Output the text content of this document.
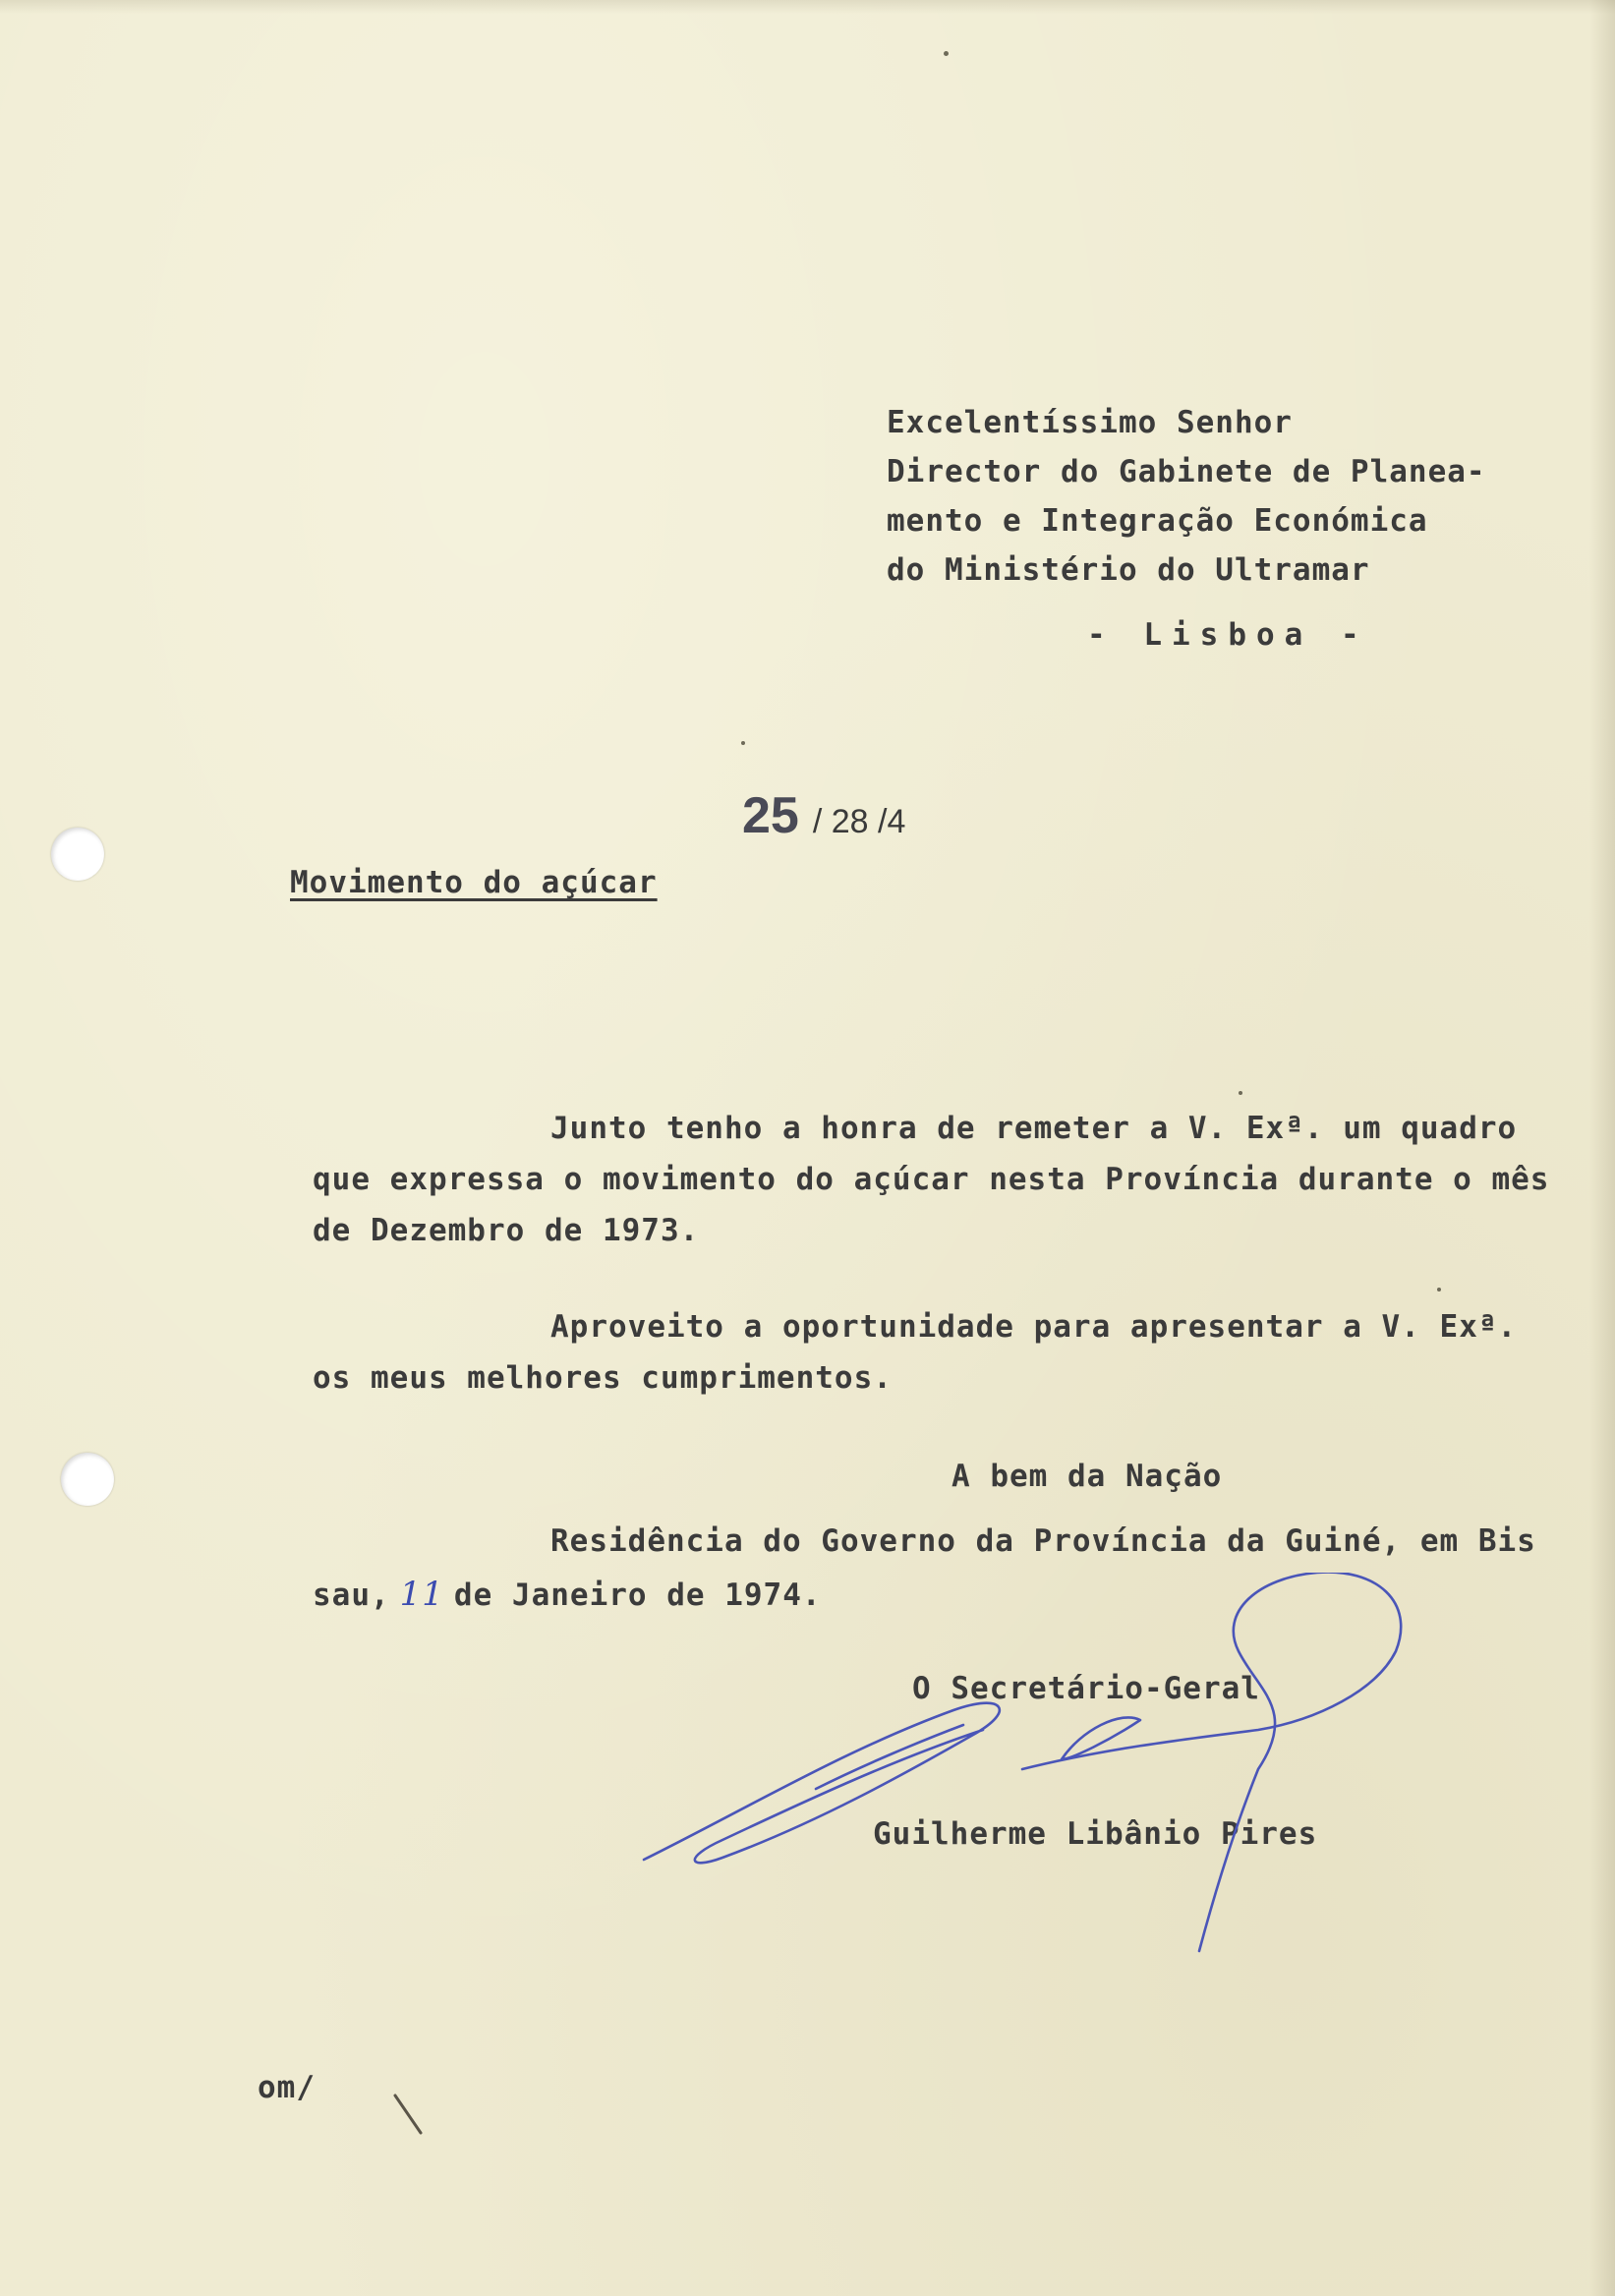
Excelentíssimo Senhor
Director do Gabinete de Planea-
mento e Integração Económica
do Ministério do Ultramar
- Lisboa -
25 / 28 /4
Movimento do açúcar
Junto tenho a honra de remeter a V. Exª. um quadro
que expressa o movimento do açúcar nesta Província durante o mês
de Dezembro de 1973.
Aproveito a oportunidade para apresentar a V. Exª.
os meus melhores cumprimentos.
A bem da Nação
Residência do Governo da Província da Guiné, em Bis
sau, 11 de Janeiro de 1974.
O Secretário-Geral
Guilherme Libânio Pires
om/
